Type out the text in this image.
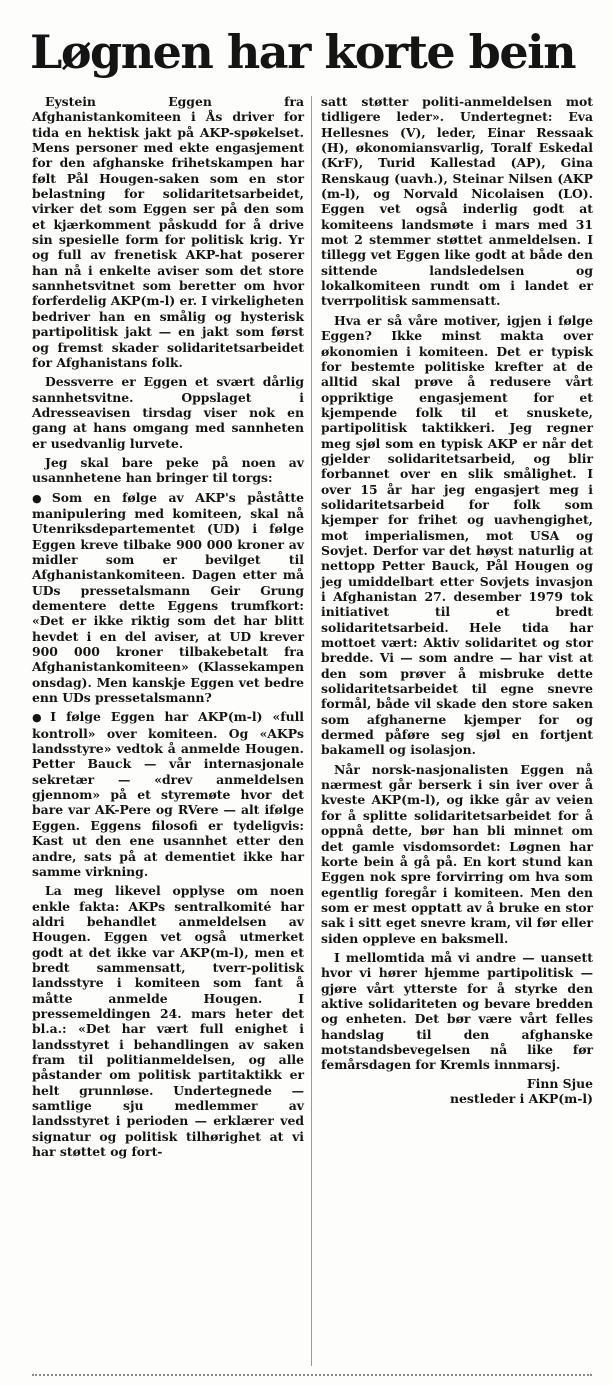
Løgnen har korte bein

Eystein Eggen fra Afghanistankomiteen i Ås driver for tida en hektisk jakt på AKP-spøkelset. Mens personer med ekte engasjement for den afghanske frihetskampen har følt Pål Hougen-saken som en stor belastning for solidaritetsarbeidet, virker det som Eggen ser på den som et kjærkomment påskudd for å drive sin spesielle form for politisk krig. Yr og full av frenetisk AKP-hat poserer han nå i enkelte aviser som det store sannhetsvitnet som beretter om hvor forferdelig AKP(m-l) er. I virkeligheten bedriver han en smålig og hysterisk partipolitisk jakt — en jakt som først og fremst skader solidaritetsarbeidet for Afghanistans folk.

Dessverre er Eggen et svært dårlig sannhetsvitne. Oppslaget i Adresseavisen tirsdag viser nok en gang at hans omgang med sannheten er usedvanlig lurvete.

Jeg skal bare peke på noen av usannhetene han bringer til torgs:

● Som en følge av AKP's påståtte manipulering med komiteen, skal nå Utenriksdepartementet (UD) i følge Eggen kreve tilbake 900 000 kroner av midler som er bevilget til Afghanistankomiteen. Dagen etter må UDs pressetalsmann Geir Grung dementere dette Eggens trumfkort: «Det er ikke riktig som det har blitt hevdet i en del aviser, at UD krever 900 000 kroner tilbakebetalt fra Afghanistankomiteen» (Klassekampen onsdag). Men kanskje Eggen vet bedre enn UDs pressetalsmann?

● I følge Eggen har AKP(m-l) «full kontroll» over komiteen. Og «AKPs landsstyre» vedtok å anmelde Hougen. Petter Bauck — vår internasjonale sekretær — «drev anmeldelsen gjennom» på et styremøte hvor det bare var AK-Pere og RVere — alt ifølge Eggen. Eggens filosofi er tydeligvis: Kast ut den ene usannhet etter den andre, sats på at dementiet ikke har samme virkning.

La meg likevel opplyse om noen enkle fakta: AKPs sentralkomité har aldri behandlet anmeldelsen av Hougen. Eggen vet også utmerket godt at det ikke var AKP(m-l), men et bredt sammensatt, tverr-politisk landsstyre i komiteen som fant å måtte anmelde Hougen. I pressemeldingen 24. mars heter det bl.a.: «Det har vært full enighet i landsstyret i behandlingen av saken fram til politianmeldelsen, og alle påstander om politisk partitaktikk er helt grunnløse. Undertegnede — samtlige sju medlemmer av landsstyret i perioden — erklærer ved signatur og politisk tilhørighet at vi har støttet og fort-

satt støtter politi-anmeldelsen mot tidligere leder». Undertegnet: Eva Hellesnes (V), leder, Einar Ressaak (H), økonomiansvarlig, Toralf Eskedal (KrF), Turid Kallestad (AP), Gina Renskaug (uavh.), Steinar Nilsen (AKP (m-l), og Norvald Nicolaisen (LO). Eggen vet også inderlig godt at komiteens landsmøte i mars med 31 mot 2 stemmer støttet anmeldelsen. I tillegg vet Eggen like godt at både den sittende landsledelsen og lokalkomiteen rundt om i landet er tverrpolitisk sammensatt.

Hva er så våre motiver, igjen i følge Eggen? Ikke minst makta over økonomien i komiteen. Det er typisk for bestemte politiske krefter at de alltid skal prøve å redusere vårt oppriktige engasjement for et kjempende folk til et snuskete, partipolitisk taktikkeri. Jeg regner meg sjøl som en typisk AKP er når det gjelder solidaritetsarbeid, og blir forbannet over en slik smålighet. I over 15 år har jeg engasjert meg i solidaritetsarbeid for folk som kjemper for frihet og uavhengighet, mot imperialismen, mot USA og Sovjet. Derfor var det høyst naturlig at nettopp Petter Bauck, Pål Hougen og jeg umiddelbart etter Sovjets invasjon i Afghanistan 27. desember 1979 tok initiativet til et bredt solidaritetsarbeid. Hele tida har mottoet vært: Aktiv solidaritet og stor bredde. Vi — som andre — har vist at den som prøver å misbruke dette solidaritetsarbeidet til egne snevre formål, både vil skade den store saken som afghanerne kjemper for og dermed påføre seg sjøl en fortjent bakamell og isolasjon.

Når norsk-nasjonalisten Eggen nå nærmest går berserk i sin iver over å kveste AKP(m-l), og ikke går av veien for å splitte solidaritetsarbeidet for å oppnå dette, bør han bli minnet om det gamle visdomsordet: Løgnen har korte bein å gå på. En kort stund kan Eggen nok spre forvirring om hva som egentlig foregår i komiteen. Men den som er mest opptatt av å bruke en stor sak i sitt eget snevre kram, vil før eller siden oppleve en baksmell.

I mellomtida må vi andre — uansett hvor vi hører hjemme partipolitisk — gjøre vårt ytterste for å styrke den aktive solidariteten og bevare bredden og enheten. Det bør være vårt felles handslag til den afghanske motstandsbevegelsen nå like før femårsdagen for Kremls innmarsj.

Finn Sjue
nestleder i AKP(m-l)
